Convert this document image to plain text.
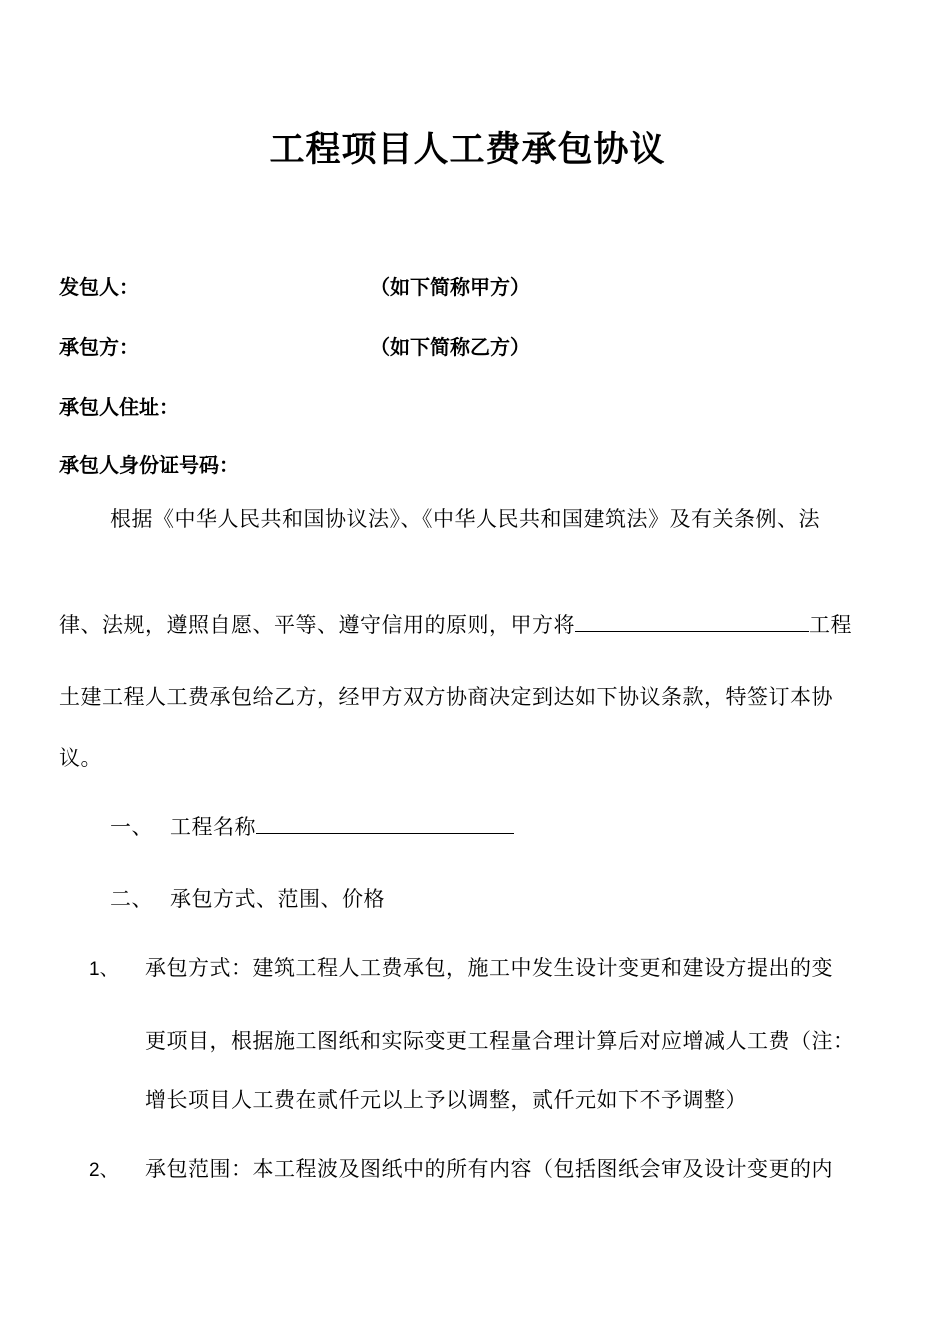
工程项目人工费承包协议
发包人：	（如下简称甲方）
承包方：	（如下简称乙方）
承包人住址：
承包人身份证号码：
根据《中华人民共和国协议法》、《中华人民共和国建筑法》及有关条例、法
律、法规，遵照自愿、平等、遵守信用的原则，甲方将	工程
土建工程人工费承包给乙方，经甲方双方协商决定到达如下协议条款，特签订本协
议。
一、 工程名称
二、 承包方式、范围、价格
1、 承包方式：建筑工程人工费承包，施工中发生设计变更和建设方提出的变
更项目，根据施工图纸和实际变更工程量合理计算后对应增减人工费（注：
增长项目人工费在贰仟元以上予以调整，贰仟元如下不予调整）
2、 承包范围：本工程波及图纸中的所有内容（包括图纸会审及设计变更的内
